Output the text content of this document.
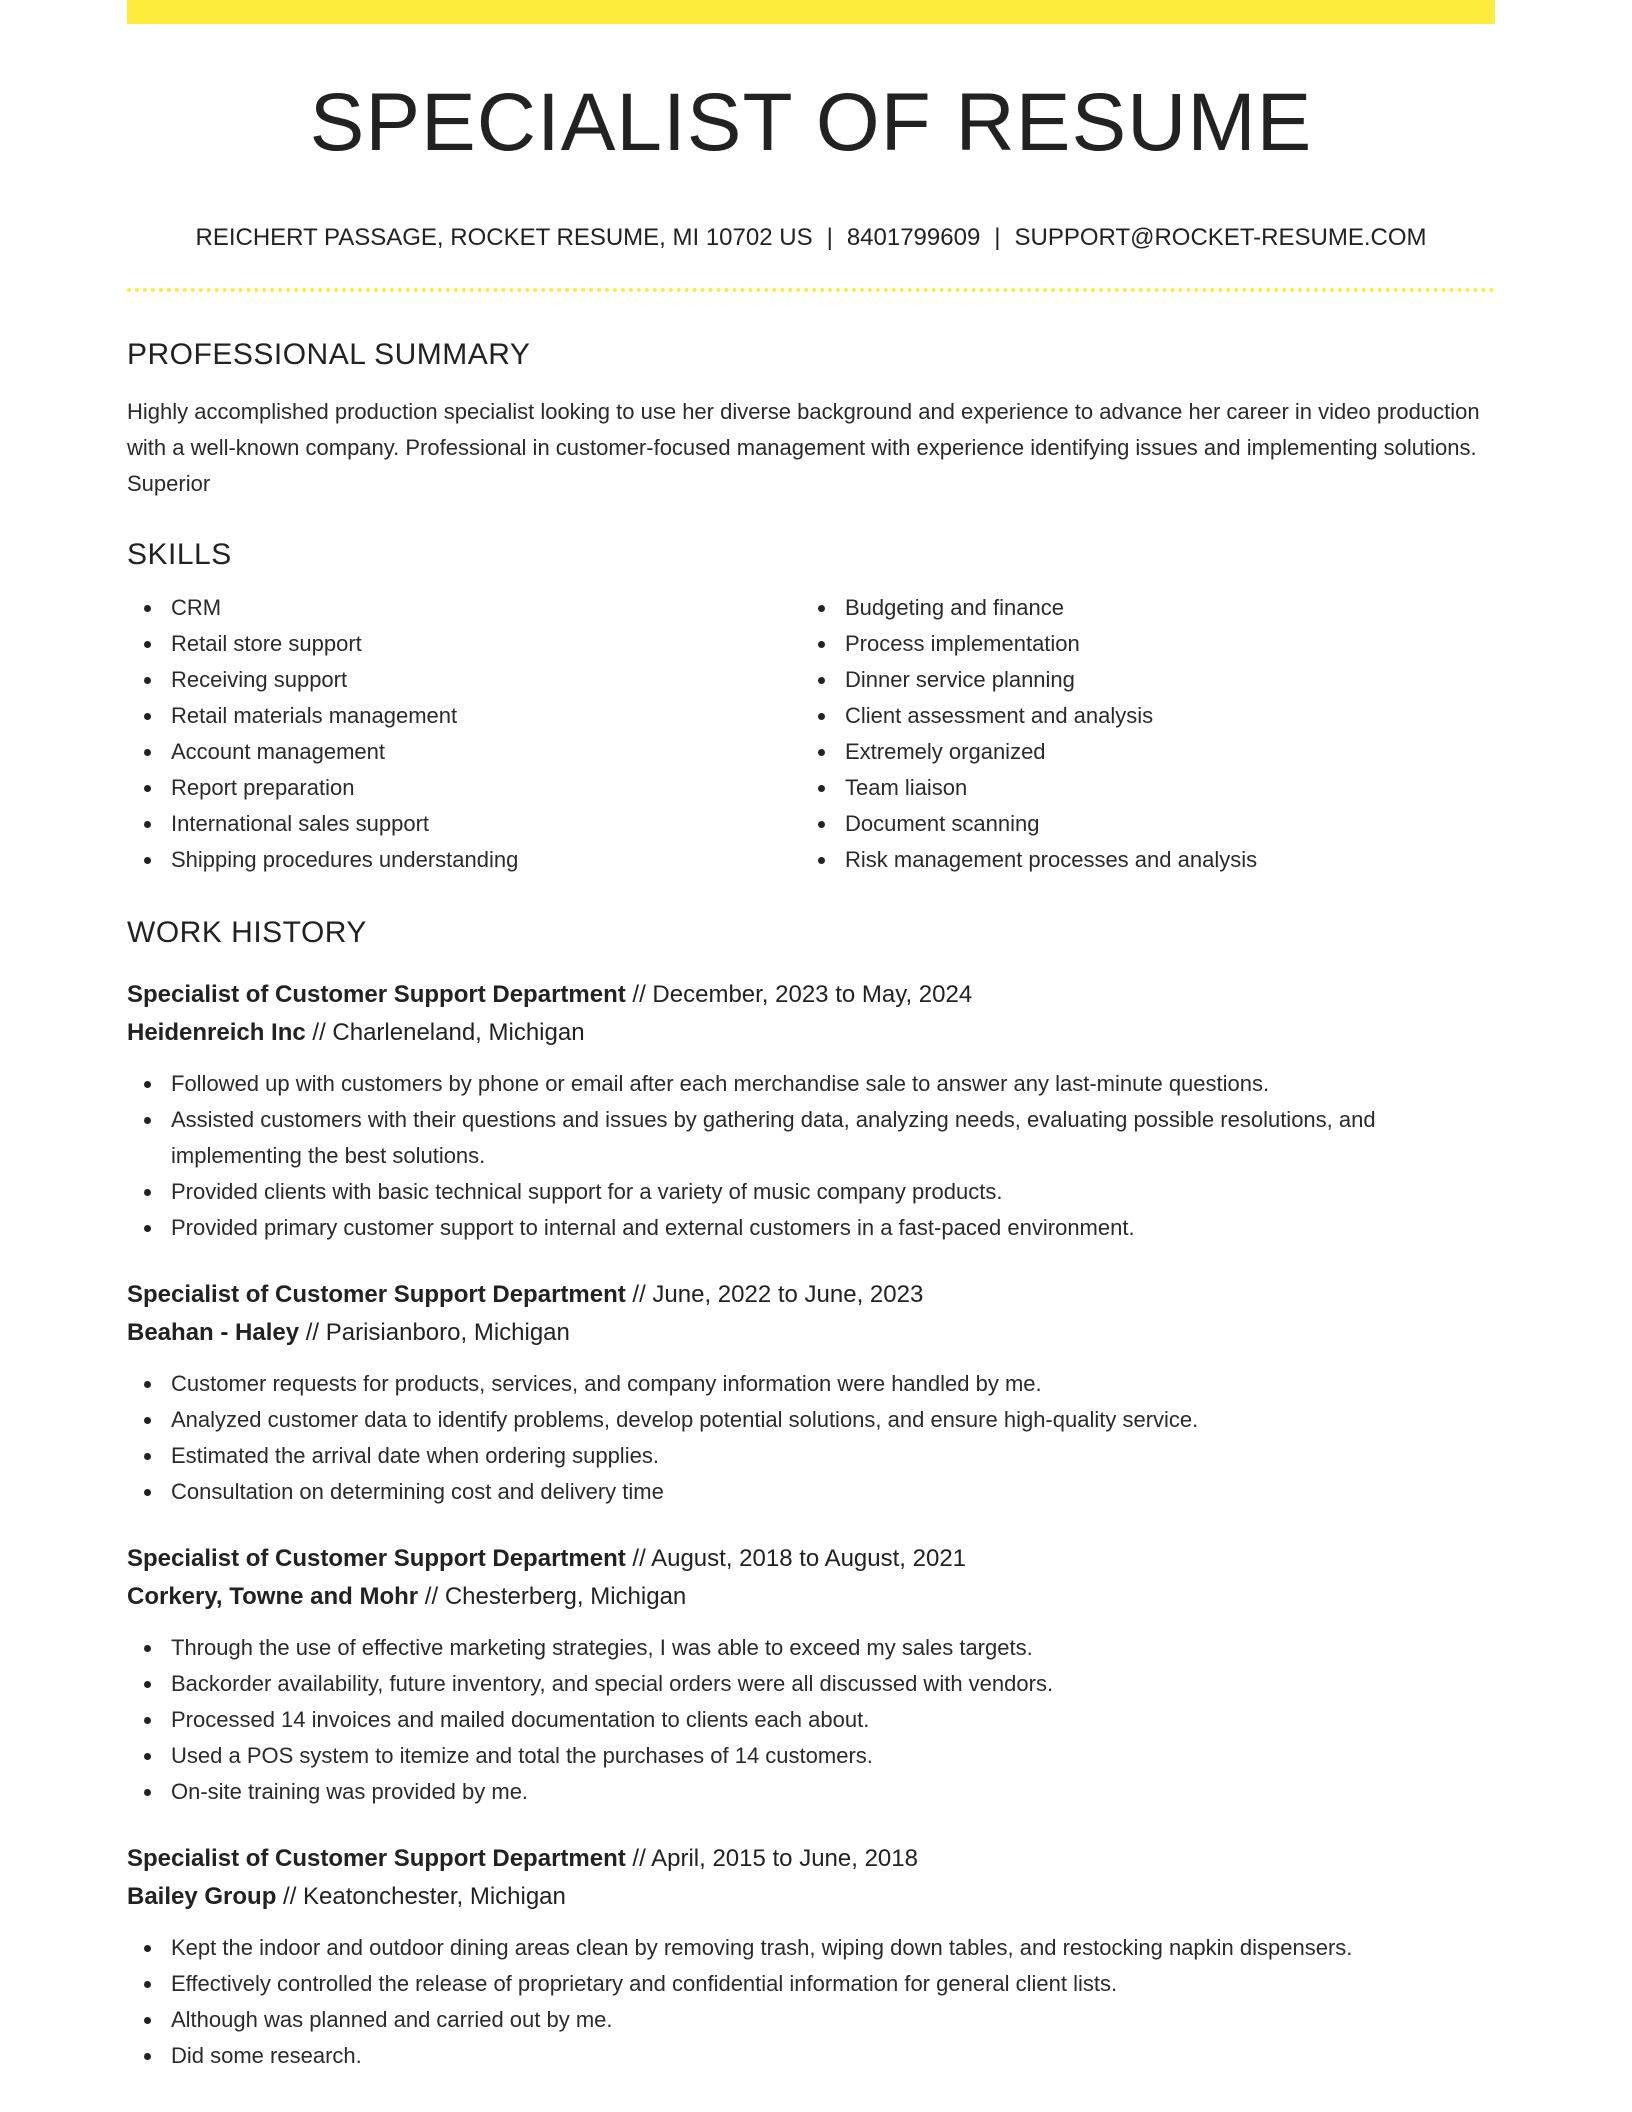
SPECIALIST OF RESUME
REICHERT PASSAGE, ROCKET RESUME, MI 10702 US | 8401799609 | SUPPORT@ROCKET-RESUME.COM
PROFESSIONAL SUMMARY

Highly accomplished production specialist looking to use her diverse background and experience to advance her career in video production with a well-known company. Professional in customer-focused management with experience identifying issues and implementing solutions. Superior

SKILLS
CRM
Retail store support
Receiving support
Retail materials management
Account management
Report preparation
International sales support
Shipping procedures understanding
Budgeting and finance
Process implementation
Dinner service planning
Client assessment and analysis
Extremely organized
Team liaison
Document scanning
Risk management processes and analysis
WORK HISTORY
Specialist of Customer Support Department // December, 2023 to May, 2024
Heidenreich Inc // Charleneland, Michigan
Followed up with customers by phone or email after each merchandise sale to answer any last-minute questions.
Assisted customers with their questions and issues by gathering data, analyzing needs, evaluating possible resolutions, and implementing the best solutions.
Provided clients with basic technical support for a variety of music company products.
Provided primary customer support to internal and external customers in a fast-paced environment.
Specialist of Customer Support Department // June, 2022 to June, 2023
Beahan - Haley // Parisianboro, Michigan
Customer requests for products, services, and company information were handled by me.
Analyzed customer data to identify problems, develop potential solutions, and ensure high-quality service.
Estimated the arrival date when ordering supplies.
Consultation on determining cost and delivery time
Specialist of Customer Support Department // August, 2018 to August, 2021
Corkery, Towne and Mohr // Chesterberg, Michigan
Through the use of effective marketing strategies, I was able to exceed my sales targets.
Backorder availability, future inventory, and special orders were all discussed with vendors.
Processed 14 invoices and mailed documentation to clients each about.
Used a POS system to itemize and total the purchases of 14 customers.
On-site training was provided by me.
Specialist of Customer Support Department // April, 2015 to June, 2018
Bailey Group // Keatonchester, Michigan
Kept the indoor and outdoor dining areas clean by removing trash, wiping down tables, and restocking napkin dispensers.
Effectively controlled the release of proprietary and confidential information for general client lists.
Although was planned and carried out by me.
Did some research.
